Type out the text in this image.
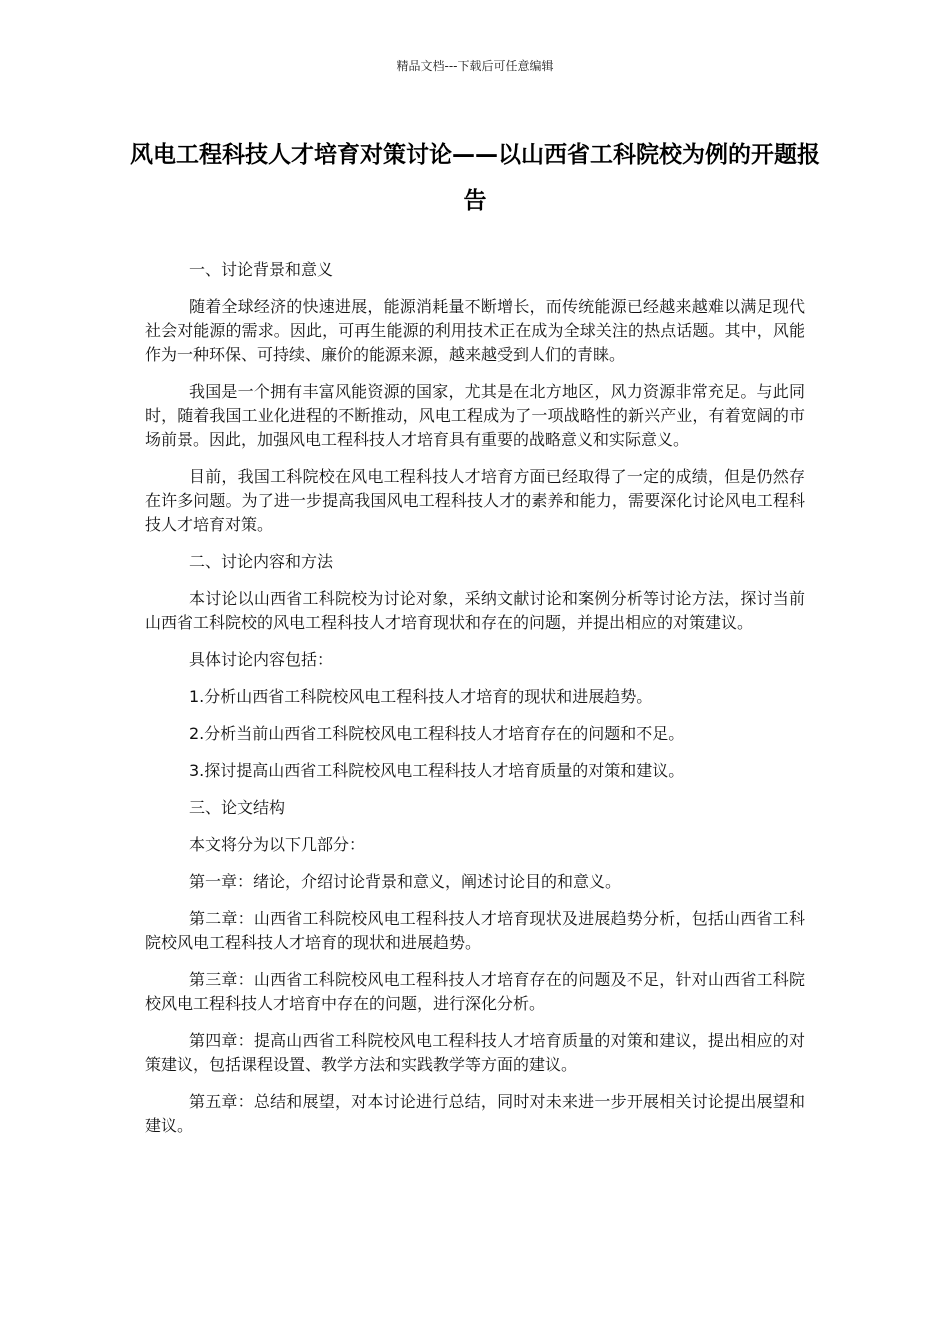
精品文档---下载后可任意编辑
风电工程科技人才培育对策讨论——以山西省工科院校为例的开题报告

一、讨论背景和意义

随着全球经济的快速进展，能源消耗量不断增长，而传统能源已经越来越难以满足现代社会对能源的需求。因此，可再生能源的利用技术正在成为全球关注的热点话题。其中，风能作为一种环保、可持续、廉价的能源来源，越来越受到人们的青睐。

我国是一个拥有丰富风能资源的国家，尤其是在北方地区，风力资源非常充足。与此同时，随着我国工业化进程的不断推动，风电工程成为了一项战略性的新兴产业，有着宽阔的市场前景。因此，加强风电工程科技人才培育具有重要的战略意义和实际意义。

目前，我国工科院校在风电工程科技人才培育方面已经取得了一定的成绩，但是仍然存在许多问题。为了进一步提高我国风电工程科技人才的素养和能力，需要深化讨论风电工程科技人才培育对策。

二、讨论内容和方法

本讨论以山西省工科院校为讨论对象，采纳文献讨论和案例分析等讨论方法，探讨当前山西省工科院校的风电工程科技人才培育现状和存在的问题，并提出相应的对策建议。

具体讨论内容包括：

1.分析山西省工科院校风电工程科技人才培育的现状和进展趋势。

2.分析当前山西省工科院校风电工程科技人才培育存在的问题和不足。

3.探讨提高山西省工科院校风电工程科技人才培育质量的对策和建议。

三、论文结构

本文将分为以下几部分：

第一章：绪论，介绍讨论背景和意义，阐述讨论目的和意义。

第二章：山西省工科院校风电工程科技人才培育现状及进展趋势分析，包括山西省工科院校风电工程科技人才培育的现状和进展趋势。

第三章：山西省工科院校风电工程科技人才培育存在的问题及不足，针对山西省工科院校风电工程科技人才培育中存在的问题，进行深化分析。

第四章：提高山西省工科院校风电工程科技人才培育质量的对策和建议，提出相应的对策建议，包括课程设置、教学方法和实践教学等方面的建议。

第五章：总结和展望，对本讨论进行总结，同时对未来进一步开展相关讨论提出展望和建议。
